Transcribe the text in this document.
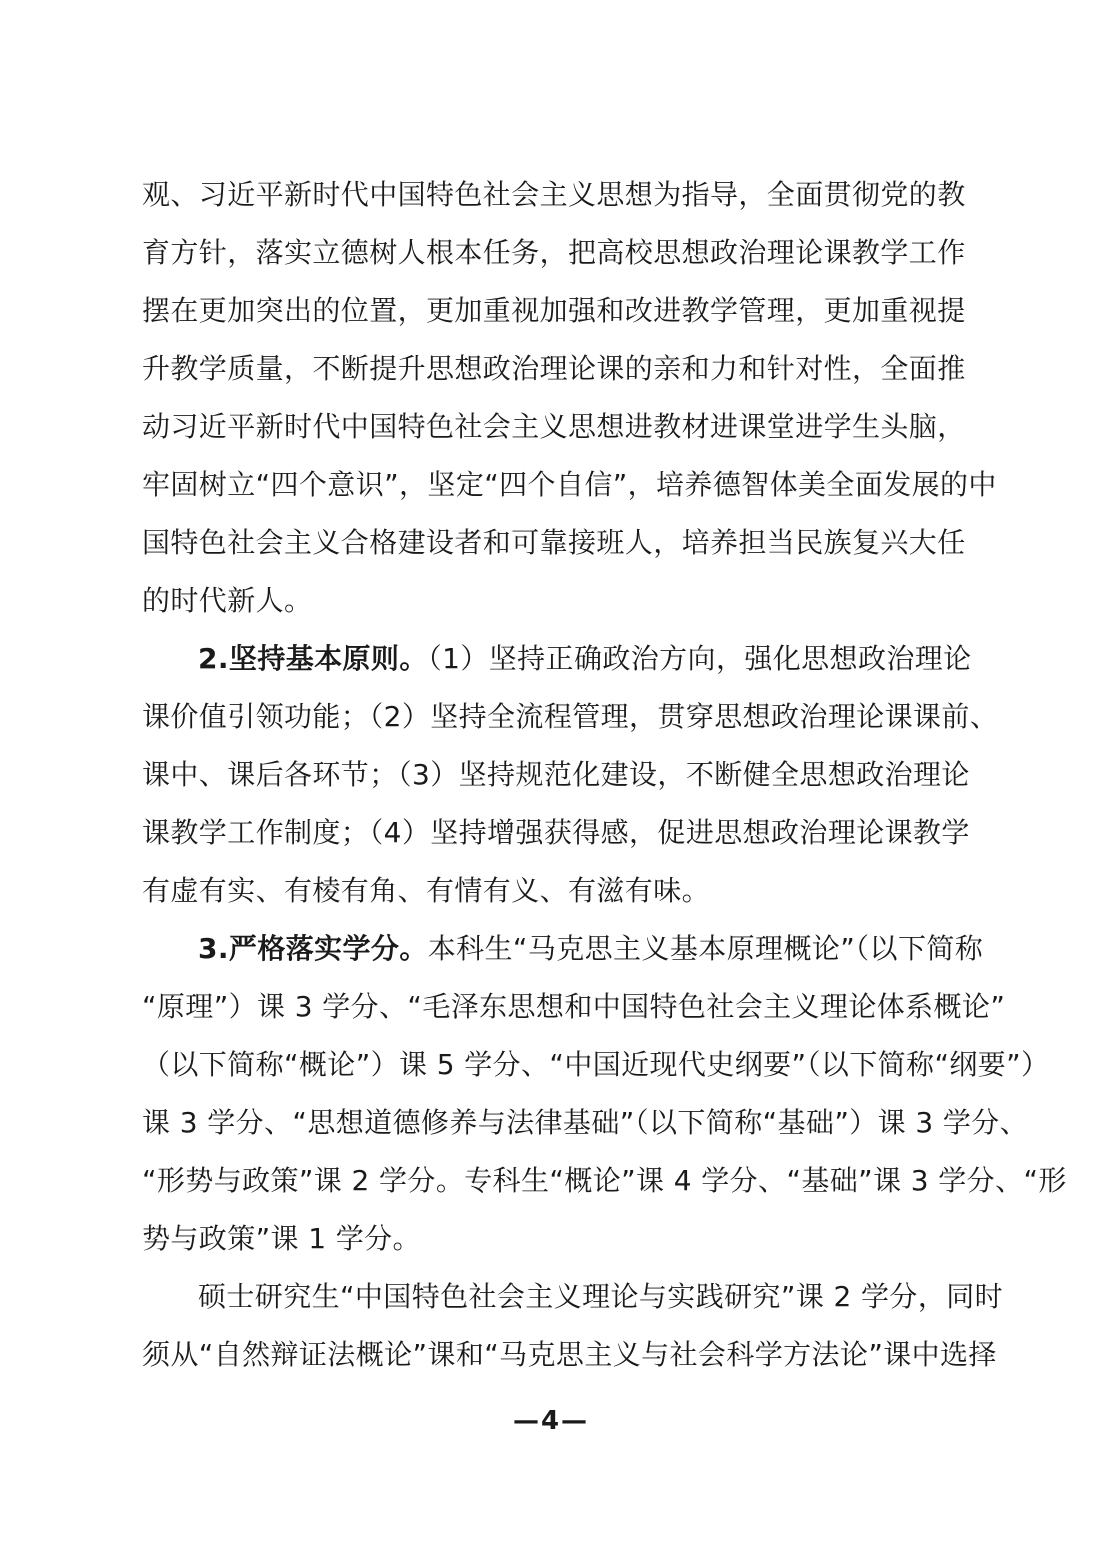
观、习近平新时代中国特色社会主义思想为指导，全面贯彻党的教
育方针，落实立德树人根本任务，把高校思想政治理论课教学工作
摆在更加突出的位置，更加重视加强和改进教学管理，更加重视提
升教学质量，不断提升思想政治理论课的亲和力和针对性，全面推
动习近平新时代中国特色社会主义思想进教材进课堂进学生头脑，
牢固树立“四个意识”，坚定“四个自信”，培养德智体美全面发展的中
国特色社会主义合格建设者和可靠接班人，培养担当民族复兴大任
的时代新人。
2.坚持基本原则。（1）坚持正确政治方向，强化思想政治理论
课价值引领功能；（2）坚持全流程管理，贯穿思想政治理论课课前、
课中、课后各环节；（3）坚持规范化建设，不断健全思想政治理论
课教学工作制度；（4）坚持增强获得感，促进思想政治理论课教学
有虚有实、有棱有角、有情有义、有滋有味。
3.严格落实学分。本科生“马克思主义基本原理概论”（以下简称
“原理”）课 3 学分、“毛泽东思想和中国特色社会主义理论体系概论”
（以下简称“概论”）课 5 学分、“中国近现代史纲要”（以下简称“纲要”）
课 3 学分、“思想道德修养与法律基础”（以下简称“基础”）课 3 学分、
“形势与政策”课 2 学分。专科生“概论”课 4 学分、“基础”课 3 学分、“形
势与政策”课 1 学分。
硕士研究生“中国特色社会主义理论与实践研究”课 2 学分，同时
须从“自然辩证法概论”课和“马克思主义与社会科学方法论”课中选择
—4—
